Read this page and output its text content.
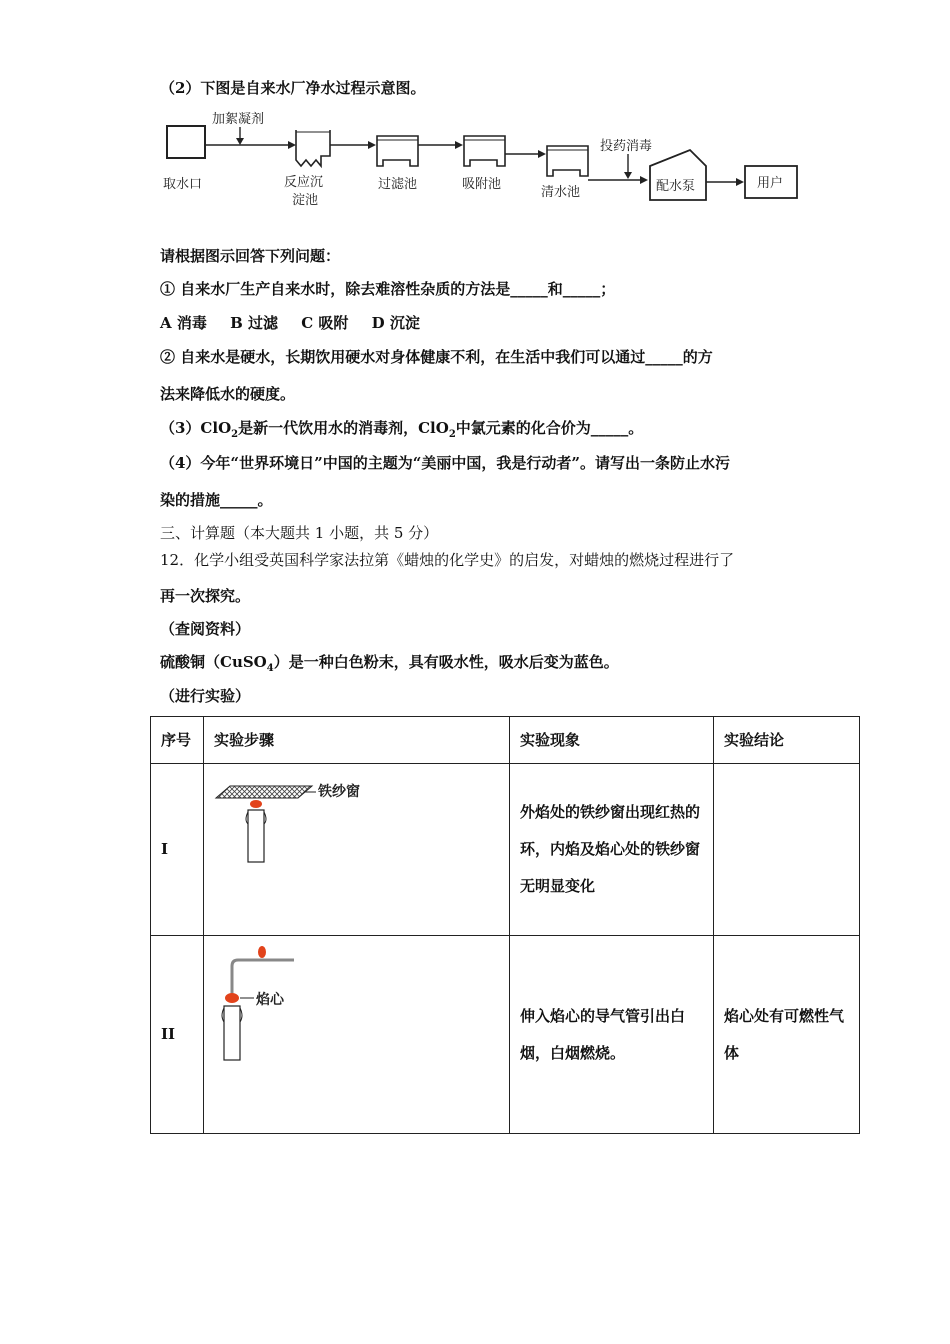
（2）下图是自来水厂净水过程示意图。
取水口
加絮凝剂
反应沉
淀池
过滤池	吸附池
清水池
投药消毒
配水泵	用户
请根据图示回答下列问题：
① 自来水厂生产自来水时，除去难溶性杂质的方法是_____和_____；
A 消毒 B 过滤 C 吸附 D 沉淀
② 自来水是硬水，长期饮用硬水对身体健康不利，在生活中我们可以通过_____的方
法来降低水的硬度。
（3）ClO$_2$是新一代饮用水的消毒剂，ClO$_2$中氯元素的化合价为_____。
（4）今年“世界环境日”中国的主题为“美丽中国，我是行动者”。请写出一条防止水污
染的措施_____。
三、计算题（本大题共 1 小题，共 5 分）
12．化学小组受英国科学家法拉第《蜡烛的化学史》的启发，对蜡烛的燃烧过程进行了
再一次探究。
（查阅资料）
硫酸铜（CuSO$_4$）是一种白色粉末，具有吸水性，吸水后变为蓝色。
（进行实验）
序号	实验步骤	实验现象	实验结论
I	铁纱窗	外焰处的铁纱窗出现红热的环，内焰及焰心处的铁纱窗无明显变化	
II	焰心	伸入焰心的导气管引出白烟，白烟燃烧。	焰心处有可燃性气体
